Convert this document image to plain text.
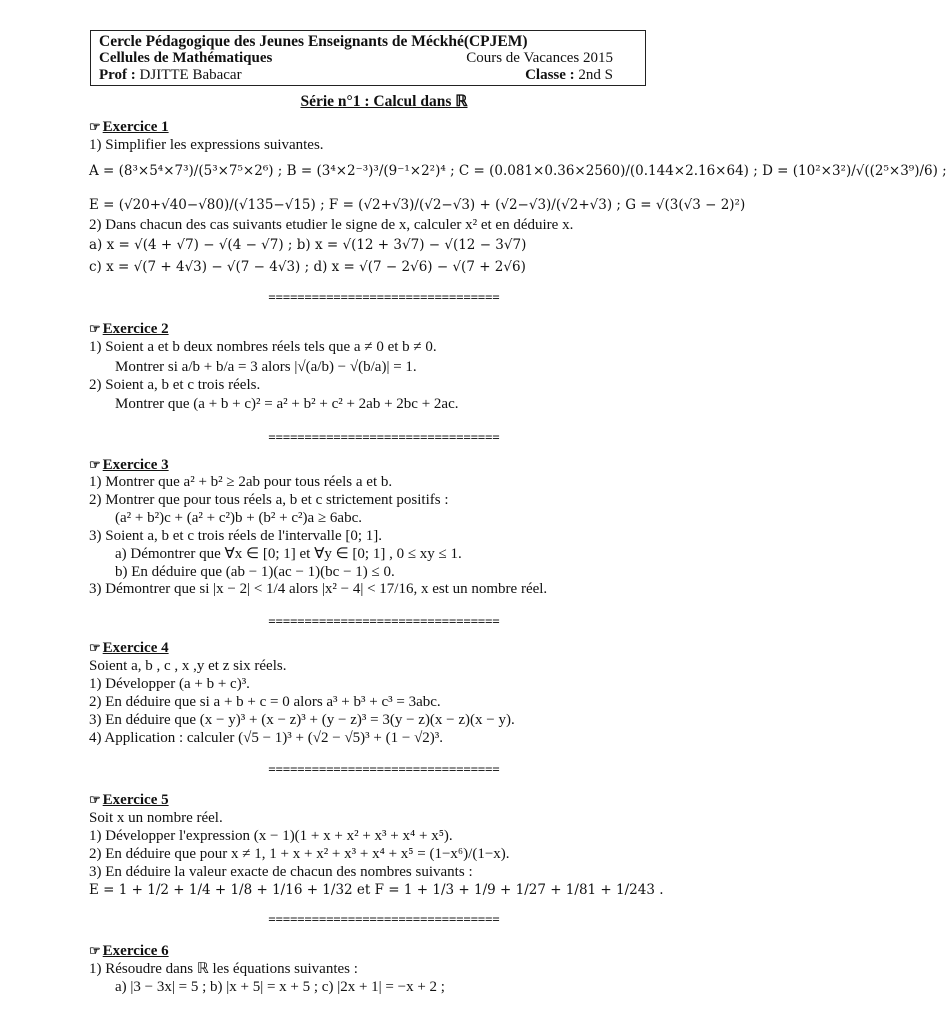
Cercle Pédagogique des Jeunes Enseignants de Méckhé(CPJEM)
Cellules de Mathématiques	Cours de Vacances 2015
Prof : DJITTE Babacar	Classe : 2nd S
Série n°1 : Calcul dans ℝ
☞ Exercice 1
1) Simplifier les expressions suivantes.
A = (8³×5⁴×7³)/(5³×7⁵×2⁶) ; B = (3⁴×2⁻³)³/(9⁻¹×2²)⁴ ; C = (0.081×0.36×2560)/(0.144×2.16×64) ; D = (10²×3²)/√((2⁵×3⁹)/6) ;
E = (√20+√40−√80)/(√135−√15) ; F = (√2+√3)/(√2−√3) + (√2−√3)/(√2+√3) ; G = √(3(√3 − 2)²)
2) Dans chacun des cas suivants etudier le signe de x, calculer x² et en déduire x.
a) x = √(4 + √7) − √(4 − √7) ; b) x = √(12 + 3√7) − √(12 − 3√7)
c) x = √(7 + 4√3) − √(7 − 4√3) ; d) x = √(7 − 2√6) − √(7 + 2√6)
================================
☞ Exercice 2
1) Soient a et b deux nombres réels tels que a ≠ 0 et b ≠ 0.
Montrer si a/b + b/a = 3 alors |√(a/b) − √(b/a)| = 1.
2) Soient a, b et c trois réels.
Montrer que (a + b + c)² = a² + b² + c² + 2ab + 2bc + 2ac.
================================
☞ Exercice 3
1) Montrer que a² + b² ≥ 2ab pour tous réels a et b.
2) Montrer que pour tous réels a, b et c strictement positifs :
(a² + b²)c + (a² + c²)b + (b² + c²)a ≥ 6abc.
3) Soient a, b et c trois réels de l'intervalle [0; 1].
a) Démontrer que ∀x ∈ [0; 1] et ∀y ∈ [0; 1] , 0 ≤ xy ≤ 1.
b) En déduire que (ab − 1)(ac − 1)(bc − 1) ≤ 0.
3) Démontrer que si |x − 2| < 1/4 alors |x² − 4| < 17/16, x est un nombre réel.
================================
☞ Exercice 4
Soient a, b , c , x ,y et z six réels.
1) Développer (a + b + c)³.
2) En déduire que si a + b + c = 0 alors a³ + b³ + c³ = 3abc.
3) En déduire que (x − y)³ + (x − z)³ + (y − z)³ = 3(y − z)(x − z)(x − y).
4) Application : calculer (√5 − 1)³ + (√2 − √5)³ + (1 − √2)³.
================================
☞ Exercice 5
Soit x un nombre réel.
1) Développer l'expression (x − 1)(1 + x + x² + x³ + x⁴ + x⁵).
2) En déduire que pour x ≠ 1, 1 + x + x² + x³ + x⁴ + x⁵ = (1−x⁶)/(1−x).
3) En déduire la valeur exacte de chacun des nombres suivants :
E = 1 + 1/2 + 1/4 + 1/8 + 1/16 + 1/32 et F = 1 + 1/3 + 1/9 + 1/27 + 1/81 + 1/243 .
================================
☞ Exercice 6
1) Résoudre dans ℝ les équations suivantes :
a) |3 − 3x| = 5 ; b) |x + 5| = x + 5 ; c) |2x + 1| = −x + 2 ;
